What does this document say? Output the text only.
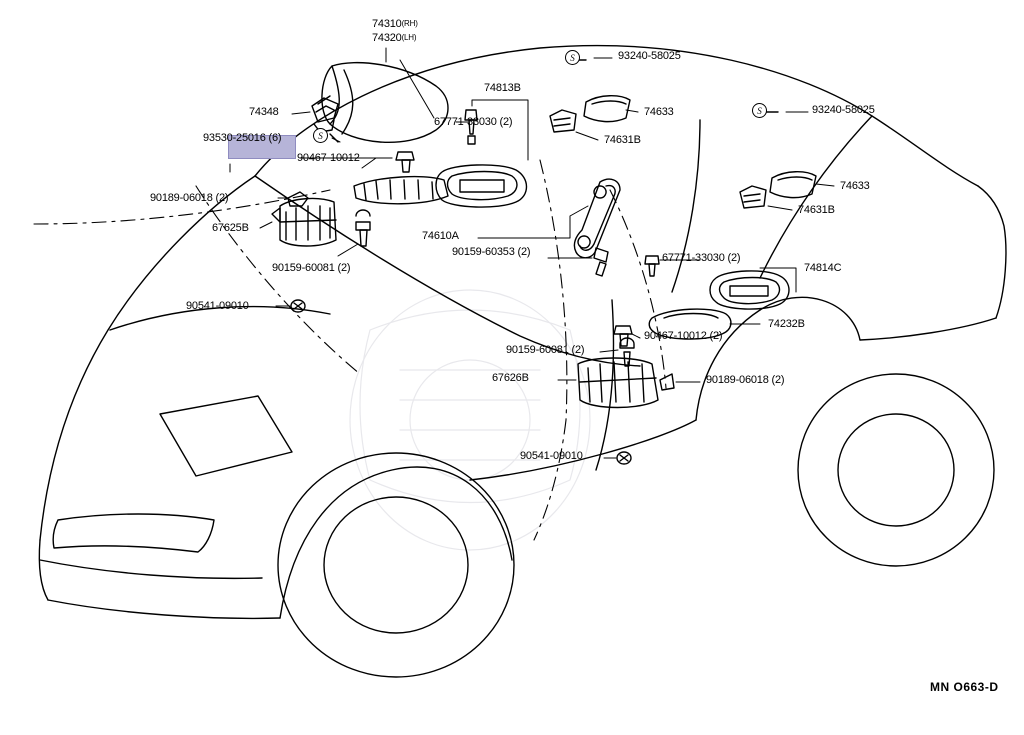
S
S
S
$74310^{(RH)}$
$74320^{(LH)}$
74348
93530-25016 (6)
90467-10012
90189-06018 (2)
67625B
90159-60081 (2)
90541-09010
74813B
67771-33030 (2)
93240-58025
93240-58025
74633
74631B
74633
74631B
74610A
90159-60353 (2)	67771-33030 (2)
74814C
74232B
90467-10012 (2)
90159-60081 (2)
67626B	90189-06018 (2)
90541-09010
MN O663-D
